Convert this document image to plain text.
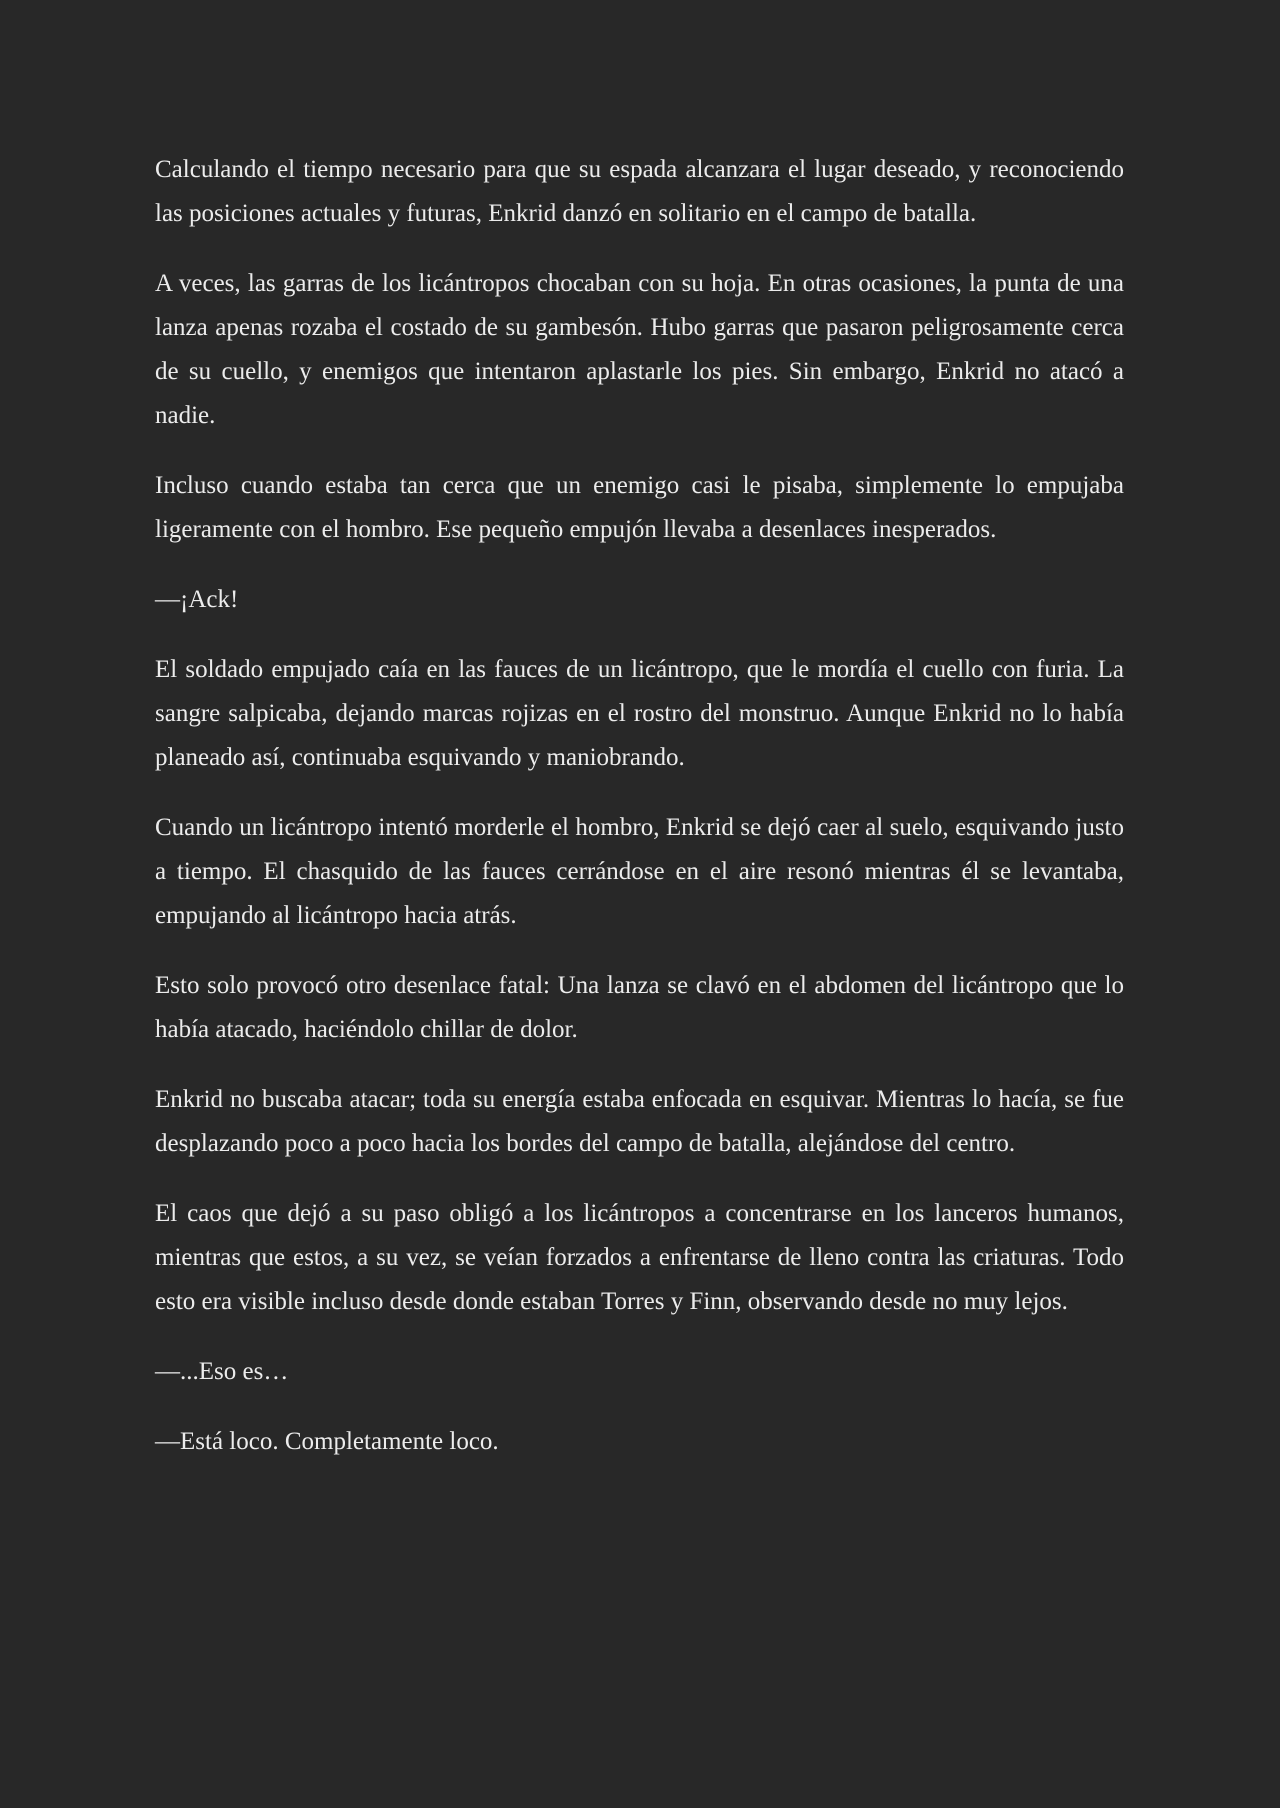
Calculando el tiempo necesario para que su espada alcanzara el lugar deseado, y reconociendo las posiciones actuales y futuras, Enkrid danzó en solitario en el campo de batalla.

A veces, las garras de los licántropos chocaban con su hoja. En otras ocasiones, la punta de una lanza apenas rozaba el costado de su gambesón. Hubo garras que pasaron peligrosamente cerca de su cuello, y enemigos que intentaron aplastarle los pies. Sin embargo, Enkrid no atacó a nadie.

Incluso cuando estaba tan cerca que un enemigo casi le pisaba, simplemente lo empujaba ligeramente con el hombro. Ese pequeño empujón llevaba a desenlaces inesperados.

—¡Ack!

El soldado empujado caía en las fauces de un licántropo, que le mordía el cuello con furia. La sangre salpicaba, dejando marcas rojizas en el rostro del monstruo. Aunque Enkrid no lo había planeado así, continuaba esquivando y maniobrando.

Cuando un licántropo intentó morderle el hombro, Enkrid se dejó caer al suelo, esquivando justo a tiempo. El chasquido de las fauces cerrándose en el aire resonó mientras él se levantaba, empujando al licántropo hacia atrás.

Esto solo provocó otro desenlace fatal: Una lanza se clavó en el abdomen del licántropo que lo había atacado, haciéndolo chillar de dolor.

Enkrid no buscaba atacar; toda su energía estaba enfocada en esquivar. Mientras lo hacía, se fue desplazando poco a poco hacia los bordes del campo de batalla, alejándose del centro.

El caos que dejó a su paso obligó a los licántropos a concentrarse en los lanceros humanos, mientras que estos, a su vez, se veían forzados a enfrentarse de lleno contra las criaturas. Todo esto era visible incluso desde donde estaban Torres y Finn, observando desde no muy lejos.

—...Eso es…

—Está loco. Completamente loco.
